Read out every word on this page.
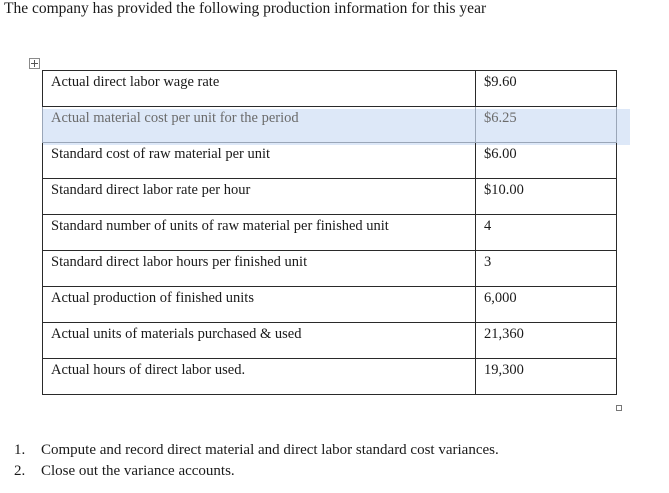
The company has provided the following production information for this year
Actual direct labor wage rate	$9.60
Actual material cost per unit for the period	$6.25
Standard cost of raw material per unit	$6.00
Standard direct labor rate per hour	$10.00
Standard number of units of raw material per finished unit	4
Standard direct labor hours per finished unit	3
Actual production of finished units	6,000
Actual units of materials purchased & used	21,360
Actual hours of direct labor used.	19,300
1. Compute and record direct material and direct labor standard cost variances.
2. Close out the variance accounts.
